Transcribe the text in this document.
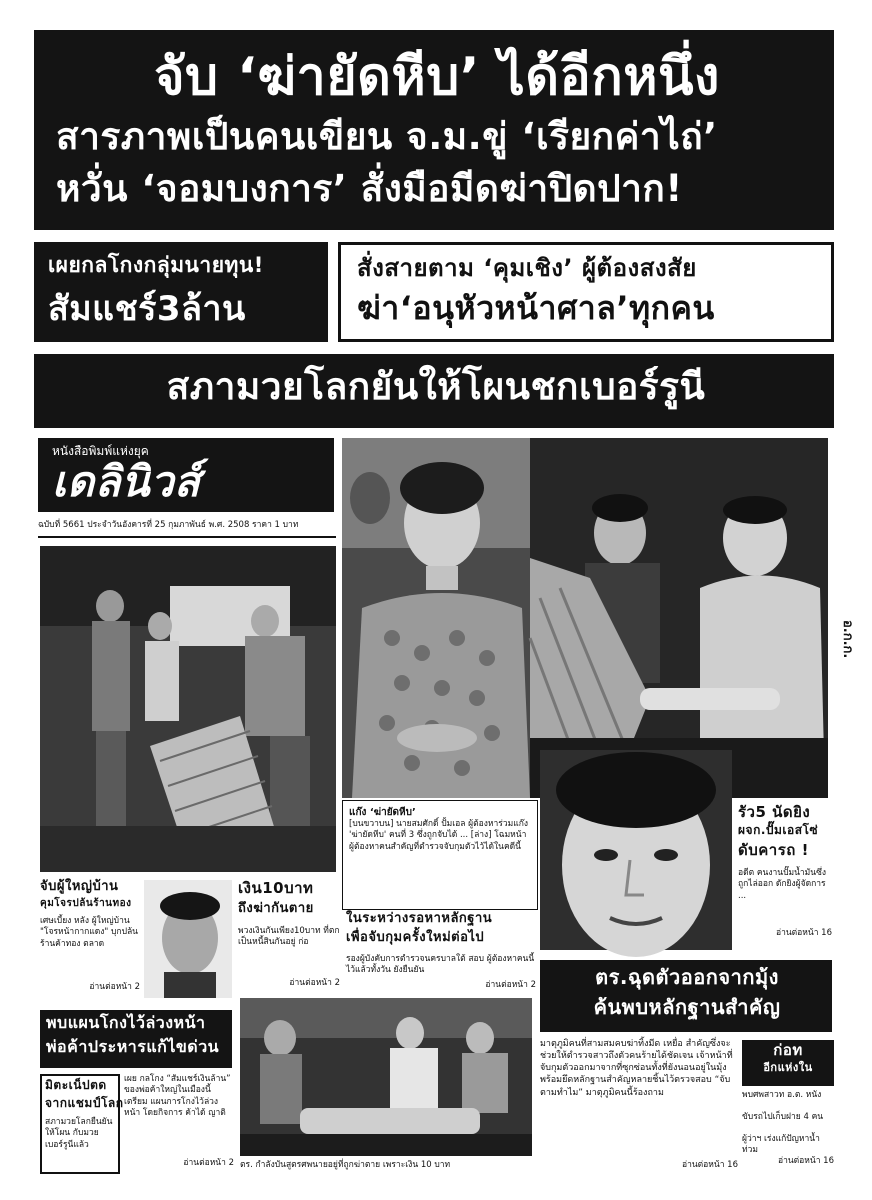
จับ ‘ฆ่ายัดหีบ’ ได้อีกหนึ่ง
สารภาพเป็นคนเขียน จ.ม.ขู่ ‘เรียกค่าไถ่’
หวั่น ‘จอมบงการ’ สั่งมือมีดฆ่าปิดปาก!
เผยกลโกงกลุ่มนายทุน!
สัมแชร์3ล้าน
สั่งสายตาม ‘คุมเชิง’ ผู้ต้องสงสัย
ฆ่า‘อนุหัวหน้าศาล’ทุกคน
สภามวยโลกยันให้โผนชกเบอร์รูนี
หนังสือพิมพ์แห่งยุค
เดลินิวส์
ฉบับที่ 5661 ประจำวันอังคารที่ 25 กุมภาพันธ์ พ.ศ. 2508 ราคา 1 บาท
อ.ก.ก.
แก๊ง ‘ฆ่ายัดหีบ’
[บนขวาบน] นายสมศักดิ์ ปั้มเอล ผู้ต้องหาร่วมแก๊ง 'ฆ่ายัดหีบ' คนที่ 3 ซึ่งถูกจับได้ ... [ล่าง] โฉมหน้าผู้ต้องหาคนสำคัญที่ตำรวจจับกุมตัวไว้ได้ในคดีนี้
รัว5 นัดยิง
ผจก.ปั๊มเอสโซ่
ดับคารถ !
อดีต คนงานปั๊มน้ำมันซึ่งถูกไล่ออก ดักยิงผู้จัดการ ...
อ่านต่อหน้า 16
จับผู้ใหญ่บ้าน
คุมโจรปล้นร้านทอง
เศษเบี้ยง หลัง ผู้ใหญ่บ้าน "โจรหน้ากากแดง" บุกปล้นร้านค้าทอง ตลาด
อ่านต่อหน้า 2
เงิน10บาท
ถึงฆ่ากันตาย
พวงเงินกันเพียง10บาท ที่ตกเป็นหนี้สินกันอยู่ ก่อ
อ่านต่อหน้า 2
ในระหว่างรอหาหลักฐาน
เพื่อจับกุมครั้งใหม่ต่อไป
รองผู้บังคับการตำรวจนครบาลใต้ สอบ ผู้ต้องหาคนนี้ไว้แล้วทั้งวัน ยังยืนยัน
อ่านต่อหน้า 2	ตร.ฉุดตัวออกจากมุ้ง
ค้นพบหลักฐานสำคัญ
มาตุภูมิคนที่สามสมคบฆ่าทิ้งมีด เหยื่อ สำคัญซึ่งจะช่วยให้ตำรวจสาวถึงตัวคนร้ายได้ชัดเจน เจ้าหน้าที่จับกุมตัวออกมาจากที่ซุกซ่อนทั้งที่ยังนอนอยู่ในมุ้ง พร้อมยึดหลักฐานสำคัญหลายชิ้นไว้ตรวจสอบ “จับตามทำไม” มาตุภูมิคนนี้ร้องถาม
อ่านต่อหน้า 16
ก่อท
อีกแห่งใน
พบศพสาวท อ.ต. หนัง
ขับรถไปเก็บฝาย 4 คน
ผู้ว่าฯ เร่งแก้ปัญหาน้ำท่วม
อ่านต่อหน้า 16
พบแผนโกงไว้ล่วงหน้า
พ่อค้าประหารแก้ไขด่วน
มิตะเน็ปตด
จากแชมป์โลก
สภามวยโลกยืนยันให้โผน กับมวยเบอร์รูนีแล้ว
เผย กลโกง “สัมแชร์เงินล้าน” ของพ่อค้าใหญ่ในเมืองนี้ เตรียม แผนการโกงไว้ล่วงหน้า โดยกิจการ ค้าได้ ญาติ
อ่านต่อหน้า 2 ตร. กำลังบันสูตรศพนายอยู่ที่ถูกฆ่าตาย เพราะเงิน 10 บาท
